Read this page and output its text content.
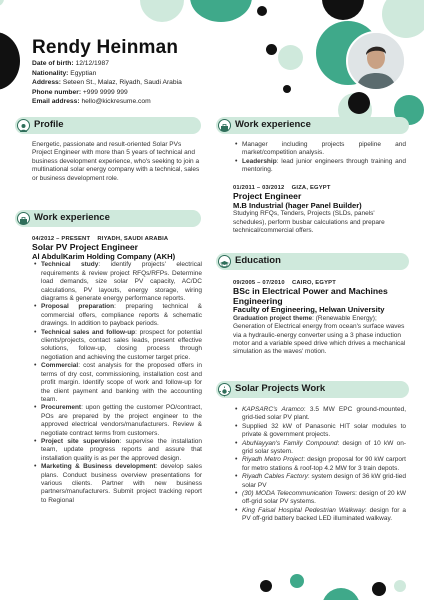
Rendy Heinman
Date of birth: 12/12/1987
Nationality: Egyptian
Address: Seteen St., Malaz, Riyadh, Saudi Arabia
Phone number: +999 9999 999
Email address: hello@kickresume.com
Profile
Energetic, passionate and result-oriented Solar PVs Project Engineer with more than 5 years of technical and business development experience, who's seeking to join a multinational solar energy company with a technical, sales or business development role.
Work experience
04/2012 – PRESENT    RIYADH, SAUDI ARABIA
Solar PV Project Engineer
Al AbdulKarim Holding Company (AKH)
• Technical study: identify projects' electrical requirements & review project RFQs/RFPs. Determine load demands, size solar PV capacity, AC/DC calculations, PV layouts, energy storage, wiring diagrams & generate energy performance reports.
• Proposal preparation: preparing technical & commercial offers, compliance reports & schematic drawings. In addition to payback periods.
• Technical sales and follow-up: prospect for potential clients/projects, contact sales leads, present effective solutions, follow-up, closing process through negotiation and achieving the customer target price.
• Commercial: cost analysis for the proposed offers in terms of dry cost, commissioning, installation cost and profit margin. Identify scope of work and follow-up for the client payment and banking with the accounting team.
• Procurement: upon getting the customer PO/contract, POs are prepared by the project engineer to the approved electrical vendors/manufacturers. Review & negotiate contract terms from customers.
• Project site supervision: supervise the installation team, update progress reports and assure that installation quality is as per the approved design.
• Marketing & Business development: develop sales plans. Conduct business overview presentations for various clients. Partner with new business partners/manufacturers. Submit project tracking report to Regional
Work experience
• Manager including projects pipeline and market/competition analysis.
• Leadership: lead junior engineers through training and mentoring.
01/2011 – 03/2012    GIZA, EGYPT
Project Engineer
M.B Industrial (hager Panel Builder)
Studying RFQs, Tenders, Projects (SLDs, panels' schedules), perform busbar calculations and prepare technical/commercial offers.
Education
09/2005 – 07/2010    CAIRO, EGYPT
BSc in Electrical Power and Machines Engineering
Faculty of Engineering, Helwan University
Graduation project theme: (Renewable Energy); Generation of Electrical energy from ocean's surface waves via a hydraulic-energy converter using a 3 phase induction motor and a variable speed drive which drives a mechanical simulation as the waves' motion.
Solar Projects Work
• KAPSARC's Aramco: 3.5 MW EPC ground-mounted, grid-tied solar PV plant.
• Supplied 32 kW of Panasonic HIT solar modules to private & government projects.
• AbuNayyan's Family Compound: design of 10 kW on-grid solar system.
• Riyadh Metro Project: design proposal for 90 kW carport for metro stations & roof-top 4.2 MW for 3 train depots.
• Riyadh Cables Factory: system design of 36 kW grid-tied solar PV
• (30) MODA Telecommunication Towers: design of 20 kW off-grid solar PV systems.
• King Faisal Hospital Pedestrian Walkway: design for a PV off-grid battery backed LED illuminated walkway.
